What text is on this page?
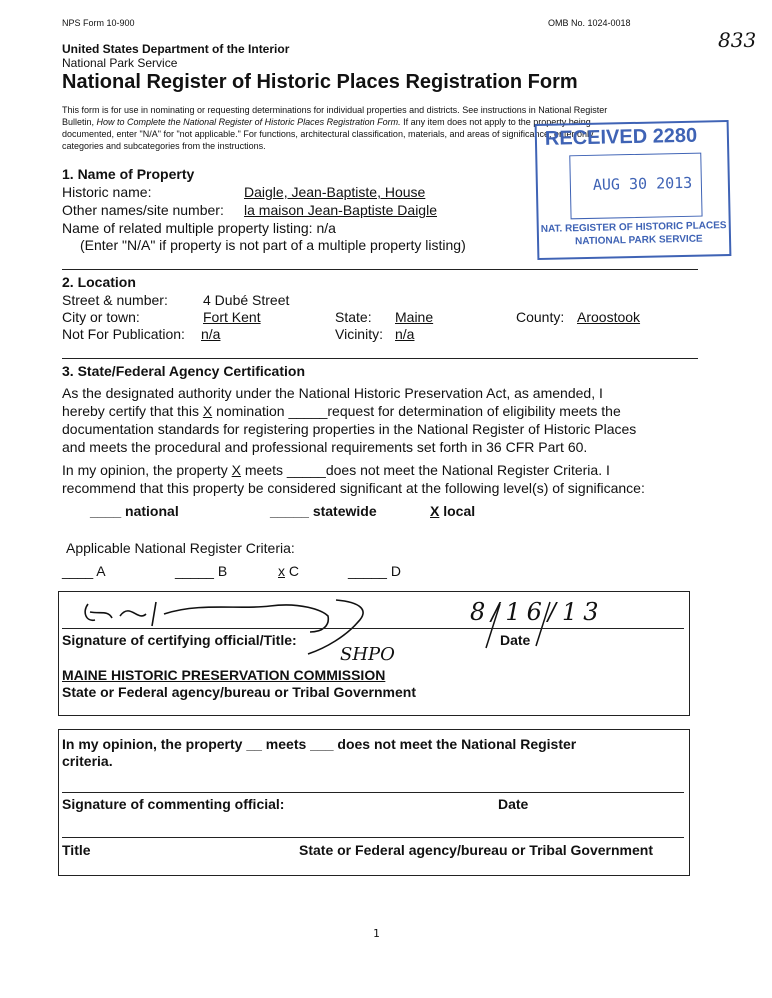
NPS Form 10-900	OMB No. 1024-0018
833
United States Department of the Interior
National Park Service
National Register of Historic Places Registration Form
This form is for use in nominating or requesting determinations for individual properties and districts. See instructions in National Register
Bulletin, How to Complete the National Register of Historic Places Registration Form. If any item does not apply to the property being
documented, enter "N/A" for "not applicable." For functions, architectural classification, materials, and areas of significance, enter only
categories and subcategories from the instructions.	RECEIVED 2280
AUG 30 2013
NAT. REGISTER OF HISTORIC PLACES
NATIONAL PARK SERVICE
1. Name of Property
Historic name:	Daigle, Jean-Baptiste, House
Other names/site number: la maison Jean-Baptiste Daigle
Name of related multiple property listing: n/a
(Enter "N/A" if property is not part of a multiple property listing)
2. Location
Street & number:	4 Dubé Street
City or town:	Fort Kent	State: Maine	County: Aroostook
Not For Publication: n/a	Vicinity: n/a
3. State/Federal Agency Certification
As the designated authority under the National Historic Preservation Act, as amended, I
hereby certify that this X nomination _____request for determination of eligibility meets the
documentation standards for registering properties in the National Register of Historic Places
and meets the procedural and professional requirements set forth in 36 CFR Part 60.
In my opinion, the property X meets _____does not meet the National Register Criteria. I
recommend that this property be considered significant at the following level(s) of significance:
____ national	_____ statewide	X local
Applicable National Register Criteria:
____ A	_____ B	x C	_____ D
8/16/13
Signature of certifying official/Title:	Date
SHPO
MAINE HISTORIC PRESERVATION COMMISSION
State or Federal agency/bureau or Tribal Government
In my opinion, the property __ meets ___ does not meet the National Register
criteria.
Signature of commenting official:	Date
Title	State or Federal agency/bureau or Tribal Government
1
